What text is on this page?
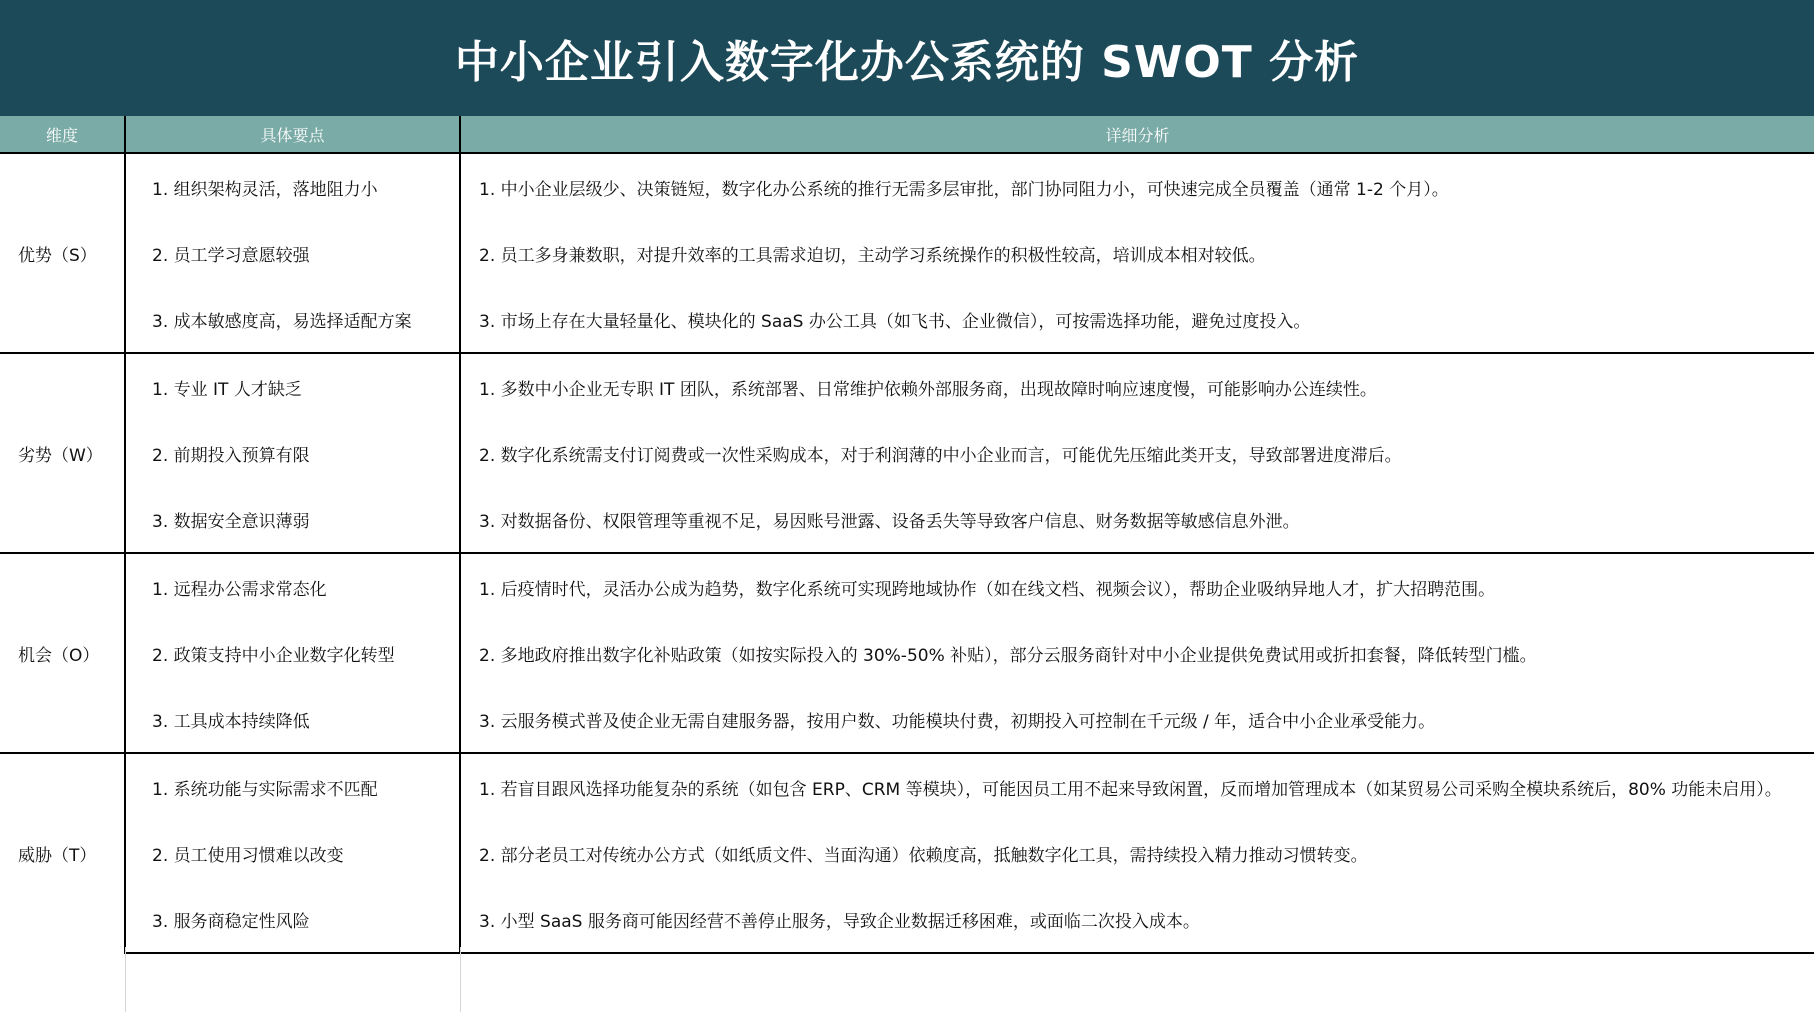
中小企业引入数字化办公系统的 SWOT 分析
维度	具体要点	详细分析
优势（S）	1. 组织架构灵活，落地阻力小	1. 中小企业层级少、决策链短，数字化办公系统的推行无需多层审批，部门协同阻力小，可快速完成全员覆盖（通常 1-2 个月）。
	2. 员工学习意愿较强	2. 员工多身兼数职，对提升效率的工具需求迫切，主动学习系统操作的积极性较高，培训成本相对较低。
	3. 成本敏感度高，易选择适配方案	3. 市场上存在大量轻量化、模块化的 SaaS 办公工具（如飞书、企业微信），可按需选择功能，避免过度投入。
劣势（W）	1. 专业 IT 人才缺乏	1. 多数中小企业无专职 IT 团队，系统部署、日常维护依赖外部服务商，出现故障时响应速度慢，可能影响办公连续性。
	2. 前期投入预算有限	2. 数字化系统需支付订阅费或一次性采购成本，对于利润薄的中小企业而言，可能优先压缩此类开支，导致部署进度滞后。
	3. 数据安全意识薄弱	3. 对数据备份、权限管理等重视不足，易因账号泄露、设备丢失等导致客户信息、财务数据等敏感信息外泄。
机会（O）	1. 远程办公需求常态化	1. 后疫情时代，灵活办公成为趋势，数字化系统可实现跨地域协作（如在线文档、视频会议），帮助企业吸纳异地人才，扩大招聘范围。
	2. 政策支持中小企业数字化转型	2. 多地政府推出数字化补贴政策（如按实际投入的 30%-50% 补贴），部分云服务商针对中小企业提供免费试用或折扣套餐，降低转型门槛。
	3. 工具成本持续降低	3. 云服务模式普及使企业无需自建服务器，按用户数、功能模块付费，初期投入可控制在千元级 / 年，适合中小企业承受能力。
威胁（T）	1. 系统功能与实际需求不匹配	1. 若盲目跟风选择功能复杂的系统（如包含 ERP、CRM 等模块），可能因员工用不起来导致闲置，反而增加管理成本（如某贸易公司采购全模块系统后，80% 功能未启用）。
	2. 员工使用习惯难以改变	2. 部分老员工对传统办公方式（如纸质文件、当面沟通）依赖度高，抵触数字化工具，需持续投入精力推动习惯转变。
	3. 服务商稳定性风险	3. 小型 SaaS 服务商可能因经营不善停止服务，导致企业数据迁移困难，或面临二次投入成本。
